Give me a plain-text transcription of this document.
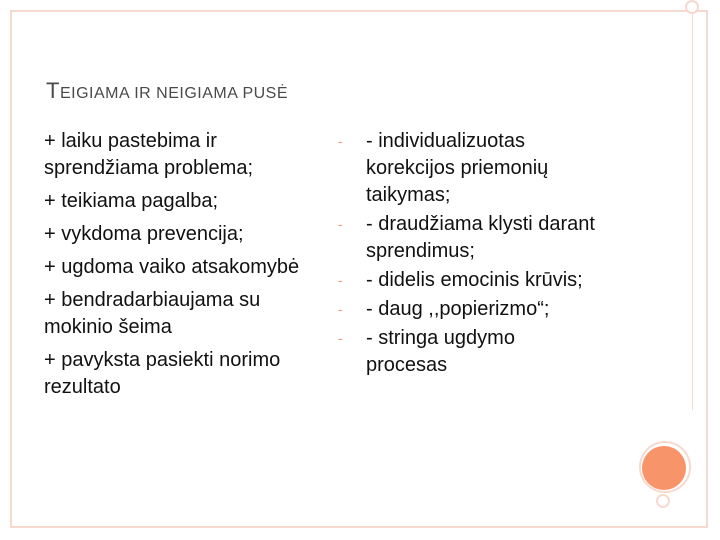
TEIGIAMA IR NEIGIAMA PUSĖ
+ laiku pastebima ir sprendžiama problema;
+ teikiama pagalba;
+ vykdoma prevencija;
+ ugdoma vaiko atsakomybė
+ bendradarbiaujama su mokinio šeima
+ pavyksta pasiekti norimo rezultato
- - individualizuotas korekcijos priemonių taikymas;
- - draudžiama klysti darant sprendimus;
- - didelis emocinis krūvis;
- - daug ,,popierizmo“;
- - stringa ugdymo procesas
